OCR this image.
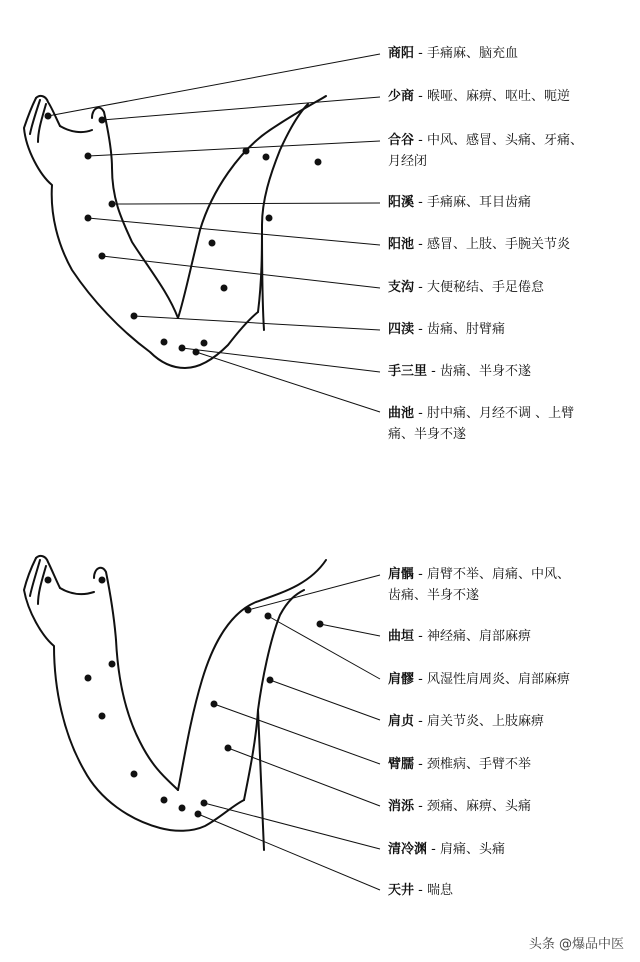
商阳 - 手痛麻、脑充血
少商 - 喉哑、麻痹、呕吐、呃逆
合谷 - 中风、感冒、头痛、牙痛、
月经闭
阳溪 - 手痛麻、耳目齿痛
阳池 - 感冒、上肢、手腕关节炎
支沟 - 大便秘结、手足倦怠
四渎 - 齿痛、肘臂痛
手三里 - 齿痛、半身不遂
曲池 - 肘中痛、月经不调 、上臂
痛、半身不遂
肩髃 - 肩臂不举、肩痛、中风、
齿痛、半身不遂
曲垣 - 神经痛、肩部麻痹
肩髎 - 风湿性肩周炎、肩部麻痹
肩贞 - 肩关节炎、上肢麻痹
臂臑 - 颈椎病、手臂不举
消泺 - 颈痛、麻痹、头痛
清冷渊 - 肩痛、头痛
天井 - 喘息
头条 @爆品中医
